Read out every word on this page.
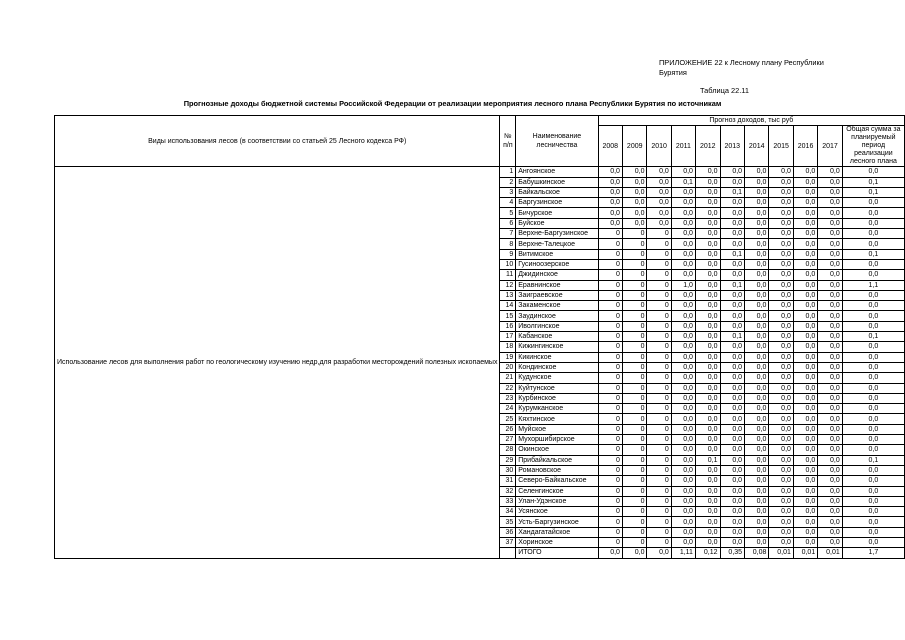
ПРИЛОЖЕНИЕ 22 к Лесному плану Республики Бурятия
Таблица 22.11
Прогнозные доходы бюджетной системы Российской Федерации от реализации мероприятия лесного плана Республики Бурятия по источникам
Виды использования лесов (в соответствии со статьей 25 Лесного кодекса РФ)	№ п/п	Наименование лесничества	Прогноз доходов, тыс руб										
			2008	2009	2010	2011	2012	2013	2014	2015	2016	2017	Общая сумма за планируемый период реализации лесного плана
Использование лесов для выполнения работ по геологическому изучению недр,для разработки месторождений полезных ископаемых	1	Ангоянское	0,0	0,0	0,0	0,0	0,0	0,0	0,0	0,0	0,0	0,0	0,0
	2	Бабушкинское	0,0	0,0	0,0	0,1	0,0	0,0	0,0	0,0	0,0	0,0	0,1
	3	Байкальское	0,0	0,0	0,0	0,0	0,0	0,1	0,0	0,0	0,0	0,0	0,1
	4	Баргузинское	0,0	0,0	0,0	0,0	0,0	0,0	0,0	0,0	0,0	0,0	0,0
	5	Бичурское	0,0	0,0	0,0	0,0	0,0	0,0	0,0	0,0	0,0	0,0	0,0
	6	Буйское	0,0	0,0	0,0	0,0	0,0	0,0	0,0	0,0	0,0	0,0	0,0
	7	Верхне-Баргузинское	0	0	0	0,0	0,0	0,0	0,0	0,0	0,0	0,0	0,0
	8	Верхне-Талецкое	0	0	0	0,0	0,0	0,0	0,0	0,0	0,0	0,0	0,0
	9	Витимское	0	0	0	0,0	0,0	0,1	0,0	0,0	0,0	0,0	0,1
	10	Гусиноозерское	0	0	0	0,0	0,0	0,0	0,0	0,0	0,0	0,0	0,0
	11	Джидинское	0	0	0	0,0	0,0	0,0	0,0	0,0	0,0	0,0	0,0
	12	Еравнинское	0	0	0	1,0	0,0	0,1	0,0	0,0	0,0	0,0	1,1
	13	Заиграевское	0	0	0	0,0	0,0	0,0	0,0	0,0	0,0	0,0	0,0
	14	Закаменское	0	0	0	0,0	0,0	0,0	0,0	0,0	0,0	0,0	0,0
	15	Заудинское	0	0	0	0,0	0,0	0,0	0,0	0,0	0,0	0,0	0,0
	16	Иволгинское	0	0	0	0,0	0,0	0,0	0,0	0,0	0,0	0,0	0,0
	17	Кабанское	0	0	0	0,0	0,0	0,1	0,0	0,0	0,0	0,0	0,1
	18	Кижингинское	0	0	0	0,0	0,0	0,0	0,0	0,0	0,0	0,0	0,0
	19	Кикинское	0	0	0	0,0	0,0	0,0	0,0	0,0	0,0	0,0	0,0
	20	Кондинское	0	0	0	0,0	0,0	0,0	0,0	0,0	0,0	0,0	0,0
	21	Кудунское	0	0	0	0,0	0,0	0,0	0,0	0,0	0,0	0,0	0,0
	22	Куйтунское	0	0	0	0,0	0,0	0,0	0,0	0,0	0,0	0,0	0,0
	23	Курбинское	0	0	0	0,0	0,0	0,0	0,0	0,0	0,0	0,0	0,0
	24	Курумканское	0	0	0	0,0	0,0	0,0	0,0	0,0	0,0	0,0	0,0
	25	Кяхтинское	0	0	0	0,0	0,0	0,0	0,0	0,0	0,0	0,0	0,0
	26	Муйское	0	0	0	0,0	0,0	0,0	0,0	0,0	0,0	0,0	0,0
	27	Мухоршибирское	0	0	0	0,0	0,0	0,0	0,0	0,0	0,0	0,0	0,0
	28	Окинское	0	0	0	0,0	0,0	0,0	0,0	0,0	0,0	0,0	0,0
	29	Прибайкальское	0	0	0	0,0	0,1	0,0	0,0	0,0	0,0	0,0	0,1
	30	Романовское	0	0	0	0,0	0,0	0,0	0,0	0,0	0,0	0,0	0,0
	31	Северо-Байкальское	0	0	0	0,0	0,0	0,0	0,0	0,0	0,0	0,0	0,0
	32	Селенгинское	0	0	0	0,0	0,0	0,0	0,0	0,0	0,0	0,0	0,0
	33	Улан-Удэнское	0	0	0	0,0	0,0	0,0	0,0	0,0	0,0	0,0	0,0
	34	Усянское	0	0	0	0,0	0,0	0,0	0,0	0,0	0,0	0,0	0,0
	35	Усть-Баргузинское	0	0	0	0,0	0,0	0,0	0,0	0,0	0,0	0,0	0,0
	36	Хандагатайское	0	0	0	0,0	0,0	0,0	0,0	0,0	0,0	0,0	0,0
	37	Хоринское	0	0	0	0,0	0,0	0,0	0,0	0,0	0,0	0,0	0,0
		ИТОГО	0,0	0,0	0,0	1,11	0,12	0,35	0,08	0,01	0,01	0,01	1,7
